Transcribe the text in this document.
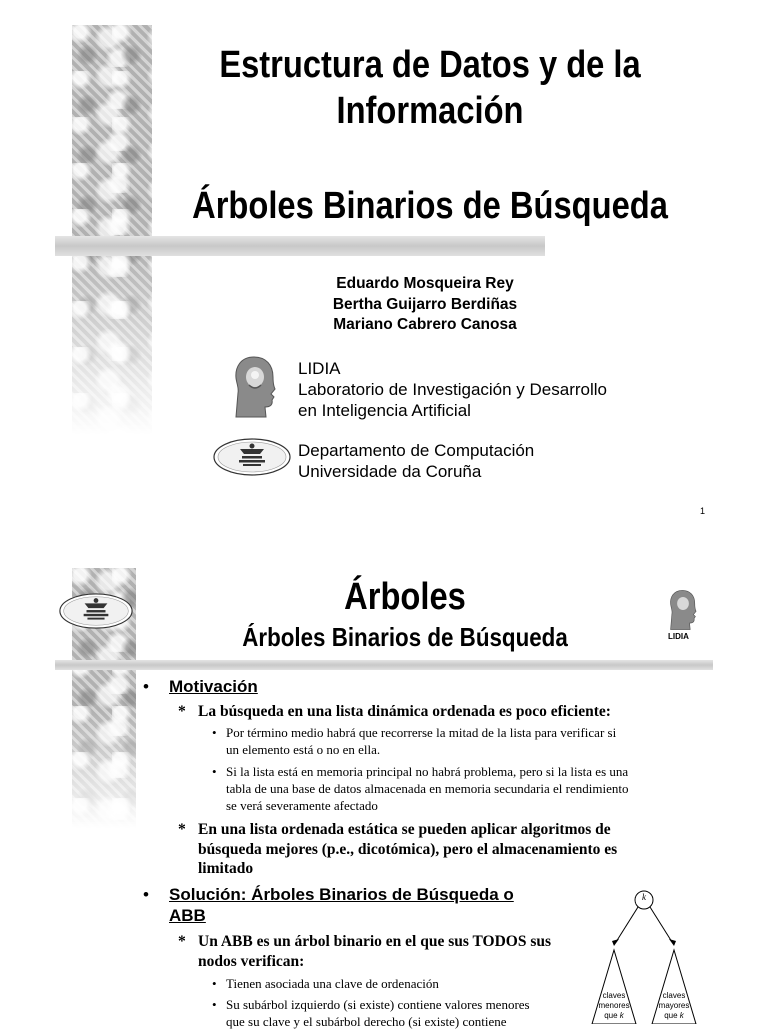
Estructura de Datos y de la
Información
Árboles Binarios de Búsqueda
Eduardo Mosqueira Rey
Bertha Guijarro Berdiñas
Mariano Cabrero Canosa
LIDIA
Laboratorio de Investigación y Desarrollo
en Inteligencia Artificial
Departamento de Computación
Universidade da Coruña
1
Árboles
Árboles Binarios de Búsqueda	LIDIA
• Motivación
* La búsqueda en una lista dinámica ordenada es poco eficiente:
• Por término medio habrá que recorrerse la mitad de la lista para verificar si
un elemento está o no en ella.
• Si la lista está en memoria principal no habrá problema, pero si la lista es una
tabla de una base de datos almacenada en memoria secundaria el rendimiento
se verá severamente afectado
* En una lista ordenada estática se pueden aplicar algoritmos de
búsqueda mejores (p.e., dicotómica), pero el almacenamiento es
limitado
• Solución: Árboles Binarios de Búsqueda o
ABB
* Un ABB es un árbol binario en el que sus TODOS sus
nodos verifican:
• Tienen asociada una clave de ordenación
• Su subárbol izquierdo (si existe) contiene valores menores
que su clave y el subárbol derecho (si existe) contiene
k
claves
menores
que k
claves
mayores
que k
